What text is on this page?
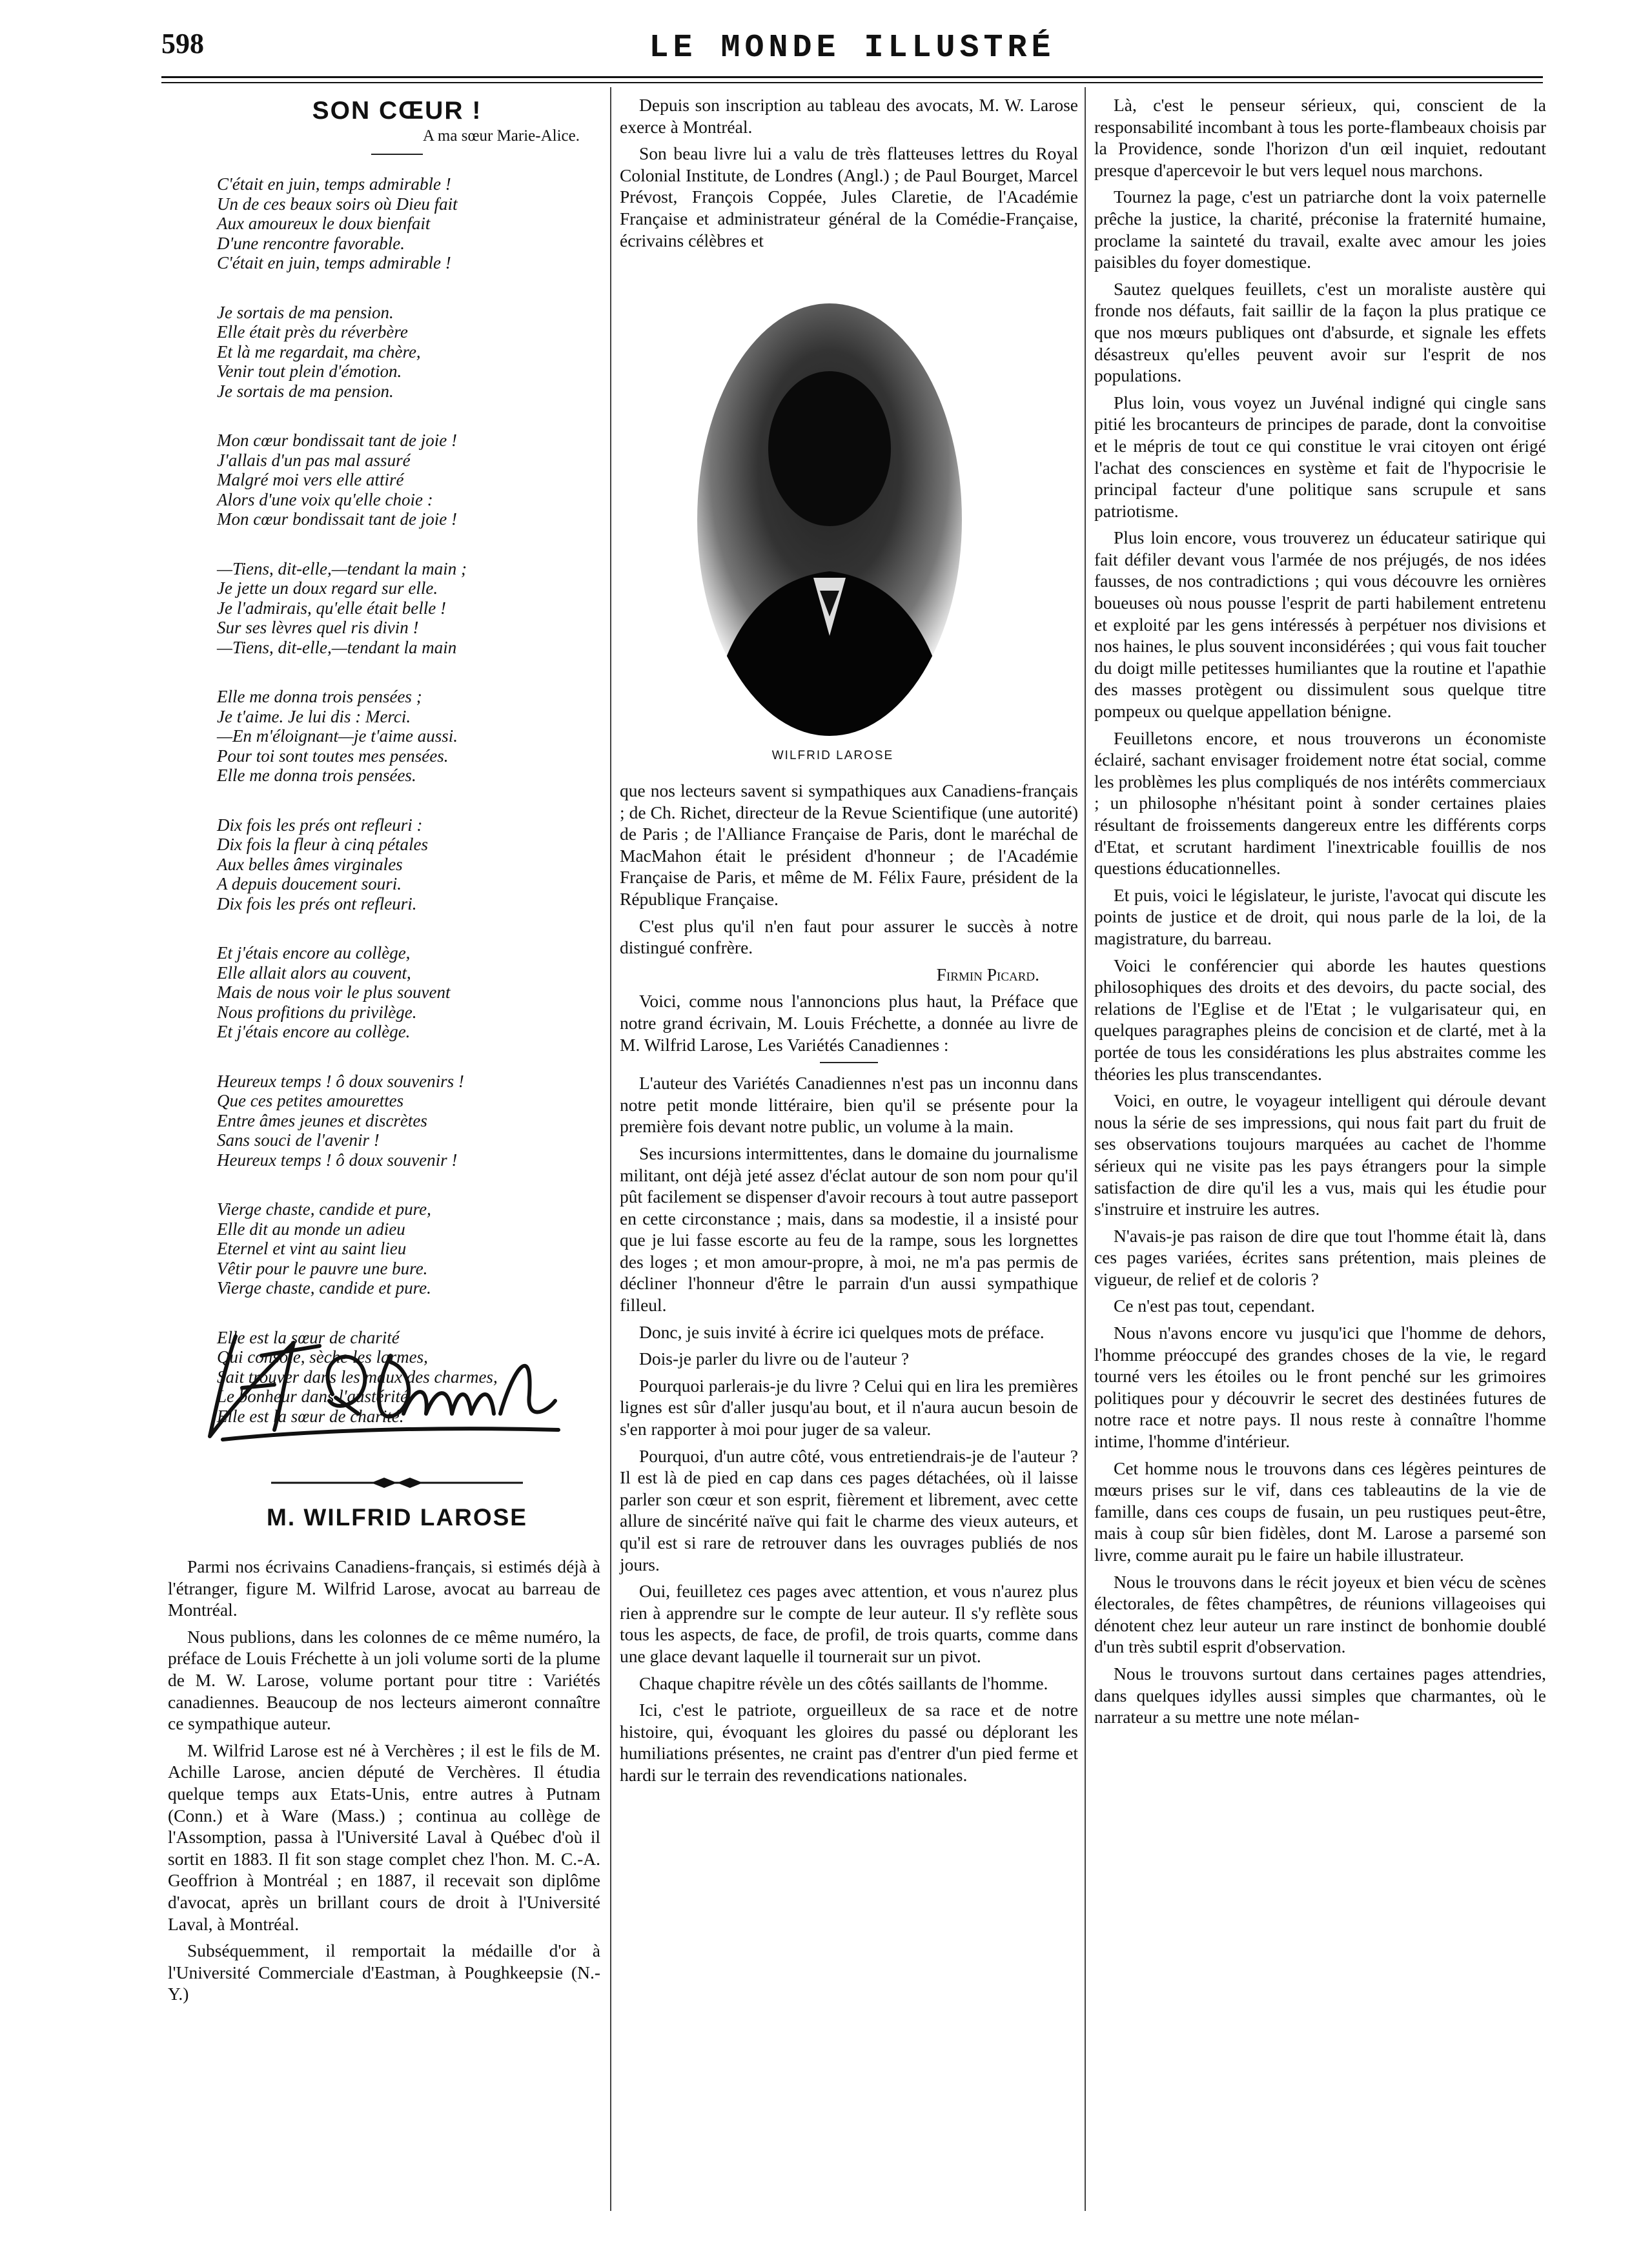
598	LE MONDE ILLUSTRÉ
SON CŒUR !
A ma sœur Marie-Alice.
C'était en juin, temps admirable !
Un de ces beaux soirs où Dieu fait
Aux amoureux le doux bienfait
D'une rencontre favorable.
C'était en juin, temps admirable !
Je sortais de ma pension.
Elle était près du réverbère
Et là me regardait, ma chère,
Venir tout plein d'émotion.
Je sortais de ma pension.
Mon cœur bondissait tant de joie !
J'allais d'un pas mal assuré
Malgré moi vers elle attiré
Alors d'une voix qu'elle choie :
Mon cœur bondissait tant de joie !
—Tiens, dit-elle,—tendant la main ;
Je jette un doux regard sur elle.
Je l'admirais, qu'elle était belle !
Sur ses lèvres quel ris divin !
—Tiens, dit-elle,—tendant la main
Elle me donna trois pensées ;
Je t'aime. Je lui dis : Merci.
—En m'éloignant—je t'aime aussi.
Pour toi sont toutes mes pensées.
Elle me donna trois pensées.
Dix fois les prés ont refleuri :
Dix fois la fleur à cinq pétales
Aux belles âmes virginales
A depuis doucement souri.
Dix fois les prés ont refleuri.
Et j'étais encore au collège,
Elle allait alors au couvent,
Mais de nous voir le plus souvent
Nous profitions du privilège.
Et j'étais encore au collège.
Heureux temps ! ô doux souvenirs !
Que ces petites amourettes
Entre âmes jeunes et discrètes
Sans souci de l'avenir !
Heureux temps ! ô doux souvenir !
Vierge chaste, candide et pure,
Elle dit au monde un adieu
Eternel et vint au saint lieu
Vêtir pour le pauvre une bure.
Vierge chaste, candide et pure.
Elle est la sœur de charité
Qui console, sèche les larmes,
Sait trouver dans les maux des charmes,
Le bonheur dans l'austérité.
Elle est la sœur de charité.
M. WILFRID LAROSE

Parmi nos écrivains Canadiens-français, si estimés déjà à l'étranger, figure M. Wilfrid Larose, avocat au barreau de Montréal.

Nous publions, dans les colonnes de ce même numéro, la préface de Louis Fréchette à un joli volume sorti de la plume de M. W. Larose, volume portant pour titre : Variétés canadiennes. Beaucoup de nos lecteurs aimeront connaître ce sympathique auteur.

M. Wilfrid Larose est né à Verchères ; il est le fils de M. Achille Larose, ancien député de Verchères. Il étudia quelque temps aux Etats-Unis, entre autres à Putnam (Conn.) et à Ware (Mass.) ; continua au collège de l'Assomption, passa à l'Université Laval à Québec d'où il sortit en 1883. Il fit son stage complet chez l'hon. M. C.-A. Geoffrion à Montréal ; en 1887, il recevait son diplôme d'avocat, après un brillant cours de droit à l'Université Laval, à Montréal.

Subséquemment, il remportait la médaille d'or à l'Université Commerciale d'Eastman, à Poughkeepsie (N.-Y.)

Depuis son inscription au tableau des avocats, M. W. Larose exerce à Montréal.

Son beau livre lui a valu de très flatteuses lettres du Royal Colonial Institute, de Londres (Angl.) ; de Paul Bourget, Marcel Prévost, François Coppée, Jules Claretie, de l'Académie Française et administrateur général de la Comédie-Française, écrivains célèbres et

WILFRID LAROSE

que nos lecteurs savent si sympathiques aux Canadiens-français ; de Ch. Richet, directeur de la Revue Scientifique (une autorité) de Paris ; de l'Alliance Française de Paris, dont le maréchal de MacMahon était le président d'honneur ; de l'Académie Française de Paris, et même de M. Félix Faure, président de la République Française.

C'est plus qu'il n'en faut pour assurer le succès à notre distingué confrère.

Firmin Picard.

Voici, comme nous l'annoncions plus haut, la Préface que notre grand écrivain, M. Louis Fréchette, a donnée au livre de M. Wilfrid Larose, Les Variétés Canadiennes :

L'auteur des Variétés Canadiennes n'est pas un inconnu dans notre petit monde littéraire, bien qu'il se présente pour la première fois devant notre public, un volume à la main.

Ses incursions intermittentes, dans le domaine du journalisme militant, ont déjà jeté assez d'éclat autour de son nom pour qu'il pût facilement se dispenser d'avoir recours à tout autre passeport en cette circonstance ; mais, dans sa modestie, il a insisté pour que je lui fasse escorte au feu de la rampe, sous les lorgnettes des loges ; et mon amour-propre, à moi, ne m'a pas permis de décliner l'honneur d'être le parrain d'un aussi sympathique filleul.

Donc, je suis invité à écrire ici quelques mots de préface.

Dois-je parler du livre ou de l'auteur ?

Pourquoi parlerais-je du livre ? Celui qui en lira les premières lignes est sûr d'aller jusqu'au bout, et il n'aura aucun besoin de s'en rapporter à moi pour juger de sa valeur.

Pourquoi, d'un autre côté, vous entretiendrais-je de l'auteur ? Il est là de pied en cap dans ces pages détachées, où il laisse parler son cœur et son esprit, fièrement et librement, avec cette allure de sincérité naïve qui fait le charme des vieux auteurs, et qu'il est si rare de retrouver dans les ouvrages publiés de nos jours.

Oui, feuilletez ces pages avec attention, et vous n'aurez plus rien à apprendre sur le compte de leur auteur. Il s'y reflète sous tous les aspects, de face, de profil, de trois quarts, comme dans une glace devant laquelle il tournerait sur un pivot.

Chaque chapitre révèle un des côtés saillants de l'homme.

Ici, c'est le patriote, orgueilleux de sa race et de notre histoire, qui, évoquant les gloires du passé ou déplorant les humiliations présentes, ne craint pas d'entrer d'un pied ferme et hardi sur le terrain des revendications nationales.

Là, c'est le penseur sérieux, qui, conscient de la responsabilité incombant à tous les porte-flambeaux choisis par la Providence, sonde l'horizon d'un œil inquiet, redoutant presque d'apercevoir le but vers lequel nous marchons.

Tournez la page, c'est un patriarche dont la voix paternelle prêche la justice, la charité, préconise la fraternité humaine, proclame la sainteté du travail, exalte avec amour les joies paisibles du foyer domestique.

Sautez quelques feuillets, c'est un moraliste austère qui fronde nos défauts, fait saillir de la façon la plus pratique ce que nos mœurs publiques ont d'absurde, et signale les effets désastreux qu'elles peuvent avoir sur l'esprit de nos populations.

Plus loin, vous voyez un Juvénal indigné qui cingle sans pitié les brocanteurs de principes de parade, dont la convoitise et le mépris de tout ce qui constitue le vrai citoyen ont érigé l'achat des consciences en système et fait de l'hypocrisie le principal facteur d'une politique sans scrupule et sans patriotisme.

Plus loin encore, vous trouverez un éducateur satirique qui fait défiler devant vous l'armée de nos préjugés, de nos idées fausses, de nos contradictions ; qui vous découvre les ornières boueuses où nous pousse l'esprit de parti habilement entretenu et exploité par les gens intéressés à perpétuer nos divisions et nos haines, le plus souvent inconsidérées ; qui vous fait toucher du doigt mille petitesses humiliantes que la routine et l'apathie des masses protègent ou dissimulent sous quelque titre pompeux ou quelque appellation bénigne.

Feuilletons encore, et nous trouverons un économiste éclairé, sachant envisager froidement notre état social, comme les problèmes les plus compliqués de nos intérêts commerciaux ; un philosophe n'hésitant point à sonder certaines plaies résultant de froissements dangereux entre les différents corps d'Etat, et scrutant hardiment l'inextricable fouillis de nos questions éducationnelles.

Et puis, voici le législateur, le juriste, l'avocat qui discute les points de justice et de droit, qui nous parle de la loi, de la magistrature, du barreau.

Voici le conférencier qui aborde les hautes questions philosophiques des droits et des devoirs, du pacte social, des relations de l'Eglise et de l'Etat ; le vulgarisateur qui, en quelques paragraphes pleins de concision et de clarté, met à la portée de tous les considérations les plus abstraites comme les théories les plus transcendantes.

Voici, en outre, le voyageur intelligent qui déroule devant nous la série de ses impressions, qui nous fait part du fruit de ses observations toujours marquées au cachet de l'homme sérieux qui ne visite pas les pays étrangers pour la simple satisfaction de dire qu'il les a vus, mais qui les étudie pour s'instruire et instruire les autres.

N'avais-je pas raison de dire que tout l'homme était là, dans ces pages variées, écrites sans prétention, mais pleines de vigueur, de relief et de coloris ?

Ce n'est pas tout, cependant.

Nous n'avons encore vu jusqu'ici que l'homme de dehors, l'homme préoccupé des grandes choses de la vie, le regard tourné vers les étoiles ou le front penché sur les grimoires politiques pour y découvrir le secret des destinées futures de notre race et notre pays. Il nous reste à connaître l'homme intime, l'homme d'intérieur.

Cet homme nous le trouvons dans ces légères peintures de mœurs prises sur le vif, dans ces tableautins de la vie de famille, dans ces coups de fusain, un peu rustiques peut-être, mais à coup sûr bien fidèles, dont M. Larose a parsemé son livre, comme aurait pu le faire un habile illustrateur.

Nous le trouvons dans le récit joyeux et bien vécu de scènes électorales, de fêtes champêtres, de réunions villageoises qui dénotent chez leur auteur un rare instinct de bonhomie doublé d'un très subtil esprit d'observation.

Nous le trouvons surtout dans certaines pages attendries, dans quelques idylles aussi simples que charmantes, où le narrateur a su mettre une note mélan-
